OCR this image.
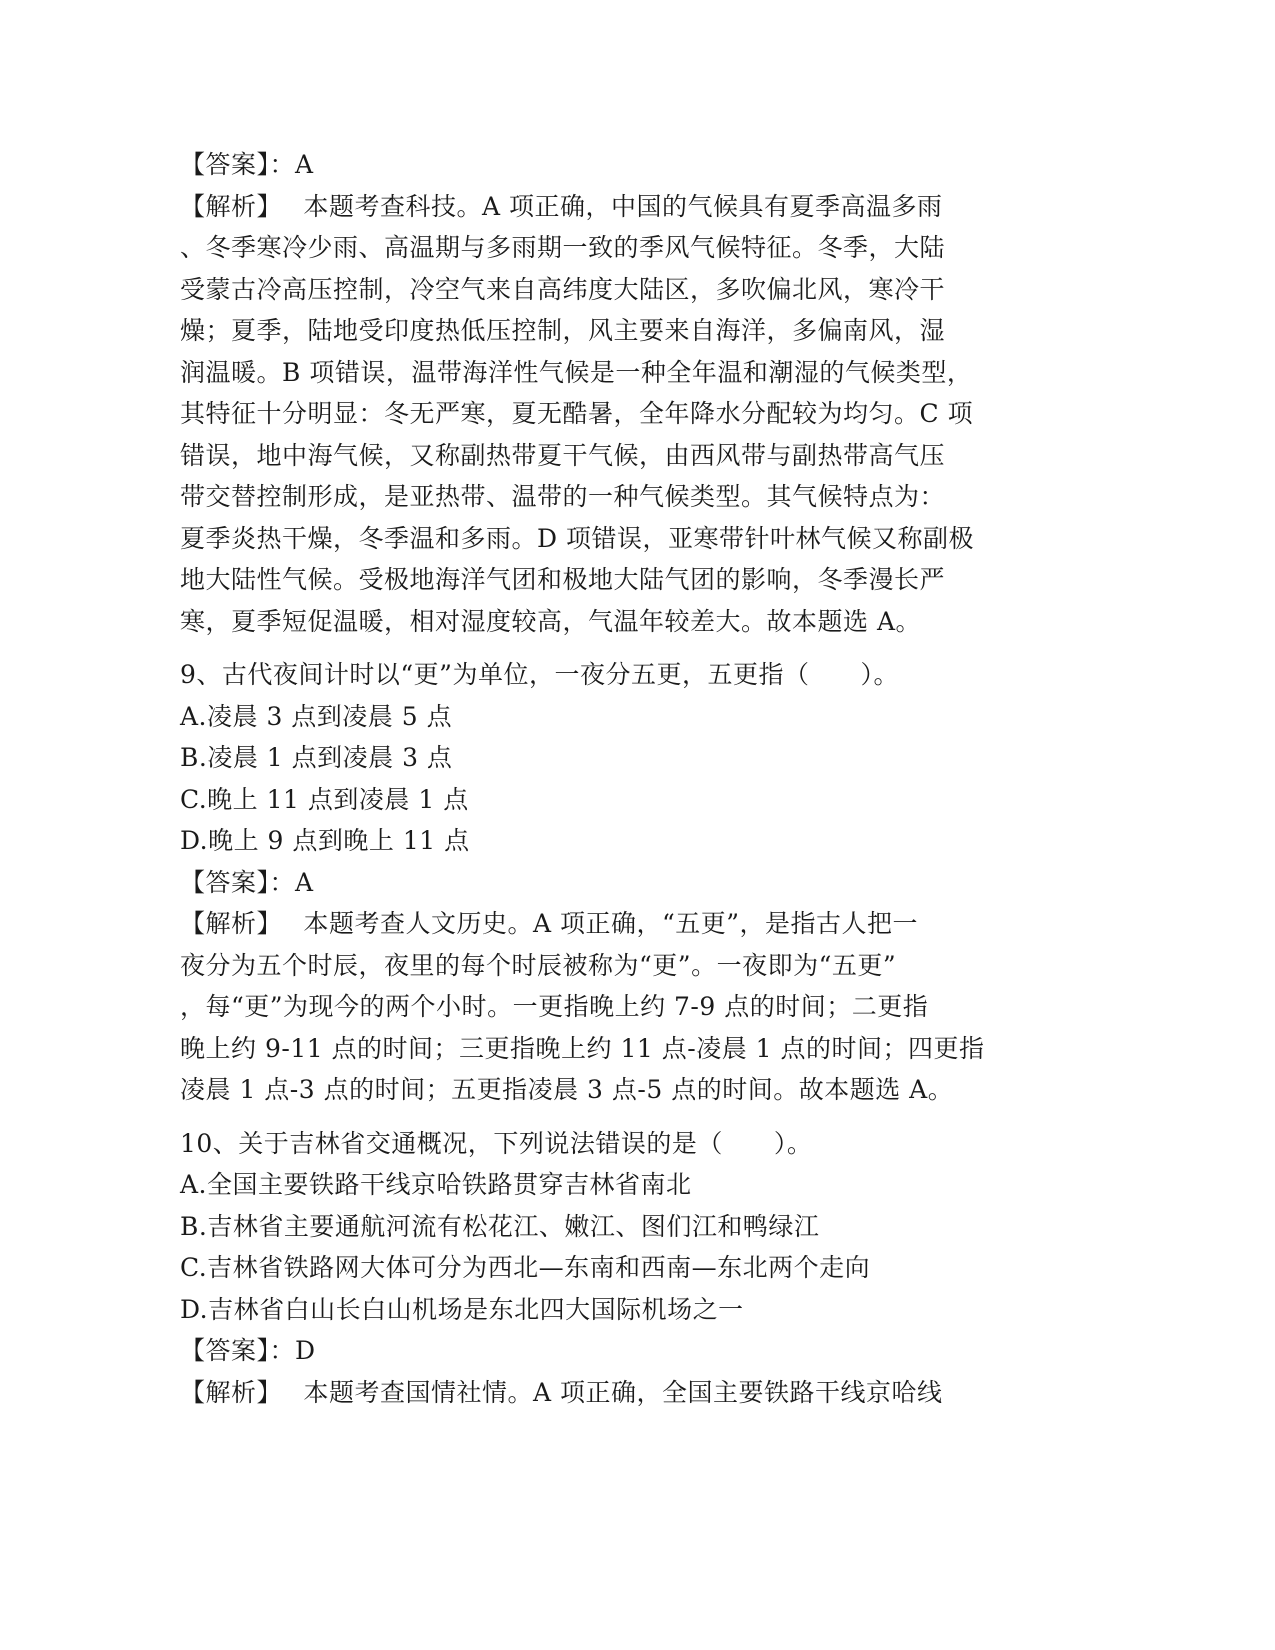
【答案】：A
【解析】　 本题考查科技。A 项正确，中国的气候具有夏季高温多雨
、冬季寒冷少雨、高温期与多雨期一致的季风气候特征。冬季，大陆
受蒙古冷高压控制，冷空气来自高纬度大陆区，多吹偏北风，寒冷干
燥；夏季，陆地受印度热低压控制，风主要来自海洋，多偏南风，湿
润温暖。B 项错误，温带海洋性气候是一种全年温和潮湿的气候类型，
其特征十分明显：冬无严寒，夏无酷暑，全年降水分配较为均匀。C 项
错误，地中海气候，又称副热带夏干气候，由西风带与副热带高气压
带交替控制形成，是亚热带、温带的一种气候类型。其气候特点为：
夏季炎热干燥，冬季温和多雨。D 项错误，亚寒带针叶林气候又称副极
地大陆性气候。受极地海洋气团和极地大陆气团的影响，冬季漫长严
寒，夏季短促温暖，相对湿度较高，气温年较差大。故本题选 A。
9、古代夜间计时以“更”为单位，一夜分五更，五更指（　　）。
A.凌晨 3 点到凌晨 5 点
B.凌晨 1 点到凌晨 3 点
C.晚上 11 点到凌晨 1 点
D.晚上 9 点到晚上 11 点
【答案】：A
【解析】　 本题考查人文历史。A 项正确，“五更”，是指古人把一
夜分为五个时辰，夜里的每个时辰被称为“更”。一夜即为“五更”
，每“更”为现今的两个小时。一更指晚上约 7-9 点的时间；二更指
晚上约 9-11 点的时间；三更指晚上约 11 点-凌晨 1 点的时间；四更指
凌晨 1 点-3 点的时间；五更指凌晨 3 点-5 点的时间。故本题选 A。
10、关于吉林省交通概况，下列说法错误的是（　　）。
A.全国主要铁路干线京哈铁路贯穿吉林省南北
B.吉林省主要通航河流有松花江、嫩江、图们江和鸭绿江
C.吉林省铁路网大体可分为西北—东南和西南—东北两个走向
D.吉林省白山长白山机场是东北四大国际机场之一
【答案】：D
【解析】　 本题考查国情社情。A 项正确，全国主要铁路干线京哈线
